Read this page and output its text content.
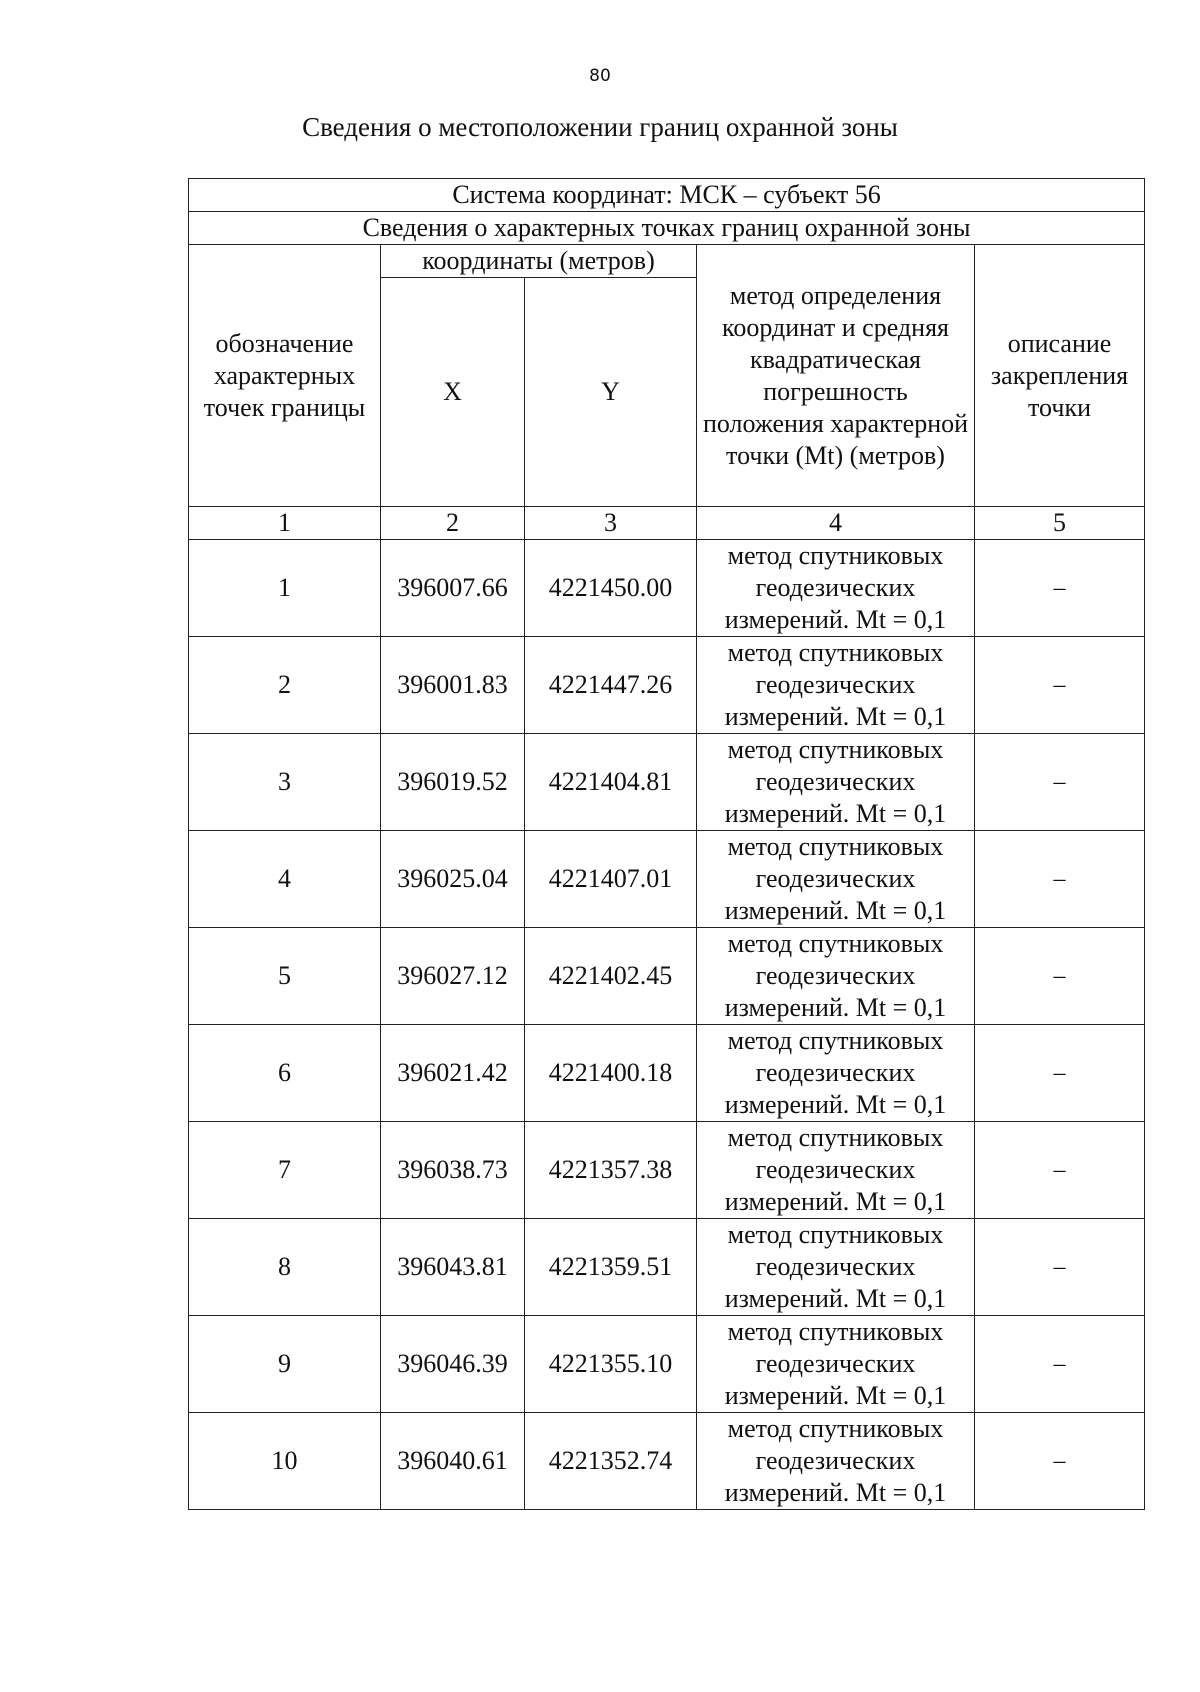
80
Сведения о местоположении границ охранной зоны
Система координат: МСК – субъект 56				
Сведения о характерных точках границ охранной зоны				
обозначение характерных точек границы	координаты (метров)		метод определения координат и средняя квадратическая погрешность положения характерной точки (Mt) (метров)	описание закрепления точки
	X	Y		
1	2	3	4	5
1	396007.66	4221450.00	метод спутниковых геодезических измерений. Mt = 0,1	–
2	396001.83	4221447.26	метод спутниковых геодезических измерений. Mt = 0,1	–
3	396019.52	4221404.81	метод спутниковых геодезических измерений. Mt = 0,1	–
4	396025.04	4221407.01	метод спутниковых геодезических измерений. Mt = 0,1	–
5	396027.12	4221402.45	метод спутниковых геодезических измерений. Mt = 0,1	–
6	396021.42	4221400.18	метод спутниковых геодезических измерений. Mt = 0,1	–
7	396038.73	4221357.38	метод спутниковых геодезических измерений. Mt = 0,1	–
8	396043.81	4221359.51	метод спутниковых геодезических измерений. Mt = 0,1	–
9	396046.39	4221355.10	метод спутниковых геодезических измерений. Mt = 0,1	–
10	396040.61	4221352.74	метод спутниковых геодезических измерений. Mt = 0,1	–
